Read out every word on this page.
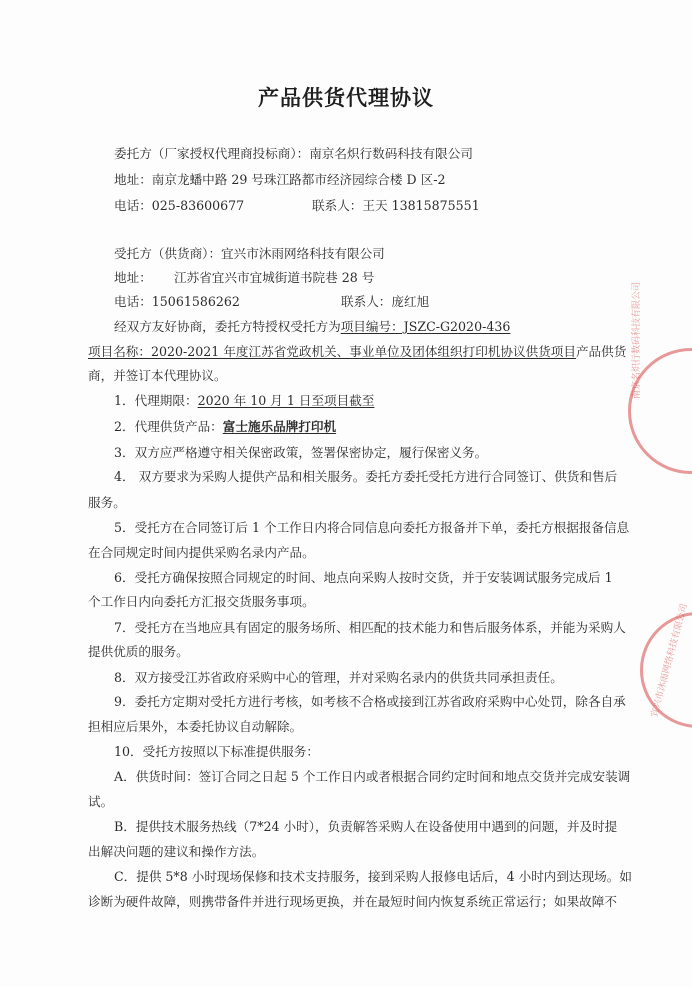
产品供货代理协议
委托方（厂家授权代理商投标商）：南京名炽行数码科技有限公司
地址：南京龙蟠中路 29 号珠江路都市经济园综合楼 D 区-2
电话：025-83600677	联系人：王天 13815875551
受托方（供货商）：宜兴市沐雨网络科技有限公司
地址： 江苏省宜兴市宜城街道书院巷 28 号
电话：15061586262	联系人：庞红旭
经双方友好协商，委托方特授权受托方为项目编号：JSZC-G2020-436
项目名称：2020-2021 年度江苏省党政机关、事业单位及团体组织打印机协议供货项目产品供货
商，并签订本代理协议。
1．代理期限：2020 年 10 月 1 日至项目截至
2．代理供货产品：富士施乐品牌打印机
3．双方应严格遵守相关保密政策，签署保密协定，履行保密义务。
4． 双方要求为采购人提供产品和相关服务。委托方委托受托方进行合同签订、供货和售后
服务。
5．受托方在合同签订后 1 个工作日内将合同信息向委托方报备并下单，委托方根据报备信息
在合同规定时间内提供采购名录内产品。
6．受托方确保按照合同规定的时间、地点向采购人按时交货，并于安装调试服务完成后 1
个工作日内向委托方汇报交货服务事项。
7．受托方在当地应具有固定的服务场所、相匹配的技术能力和售后服务体系，并能为采购人
提供优质的服务。
8．双方接受江苏省政府采购中心的管理，并对采购名录内的供货共同承担责任。
9．委托方定期对受托方进行考核，如考核不合格或接到江苏省政府采购中心处罚，除各自承
担相应后果外，本委托协议自动解除。
10．受托方按照以下标准提供服务：
A．供货时间：签订合同之日起 5 个工作日内或者根据合同约定时间和地点交货并完成安装调
试。
B．提供技术服务热线（7*24 小时），负责解答采购人在设备使用中遇到的问题，并及时提
出解决问题的建议和操作方法。
C．提供 5*8 小时现场保修和技术支持服务，接到采购人报修电话后，4 小时内到达现场。如
诊断为硬件故障，则携带备件并进行现场更换，并在最短时间内恢复系统正常运行；如果故障不
南京名炽行数码科技有限公司
宜兴市沐雨网络科技有限公司
